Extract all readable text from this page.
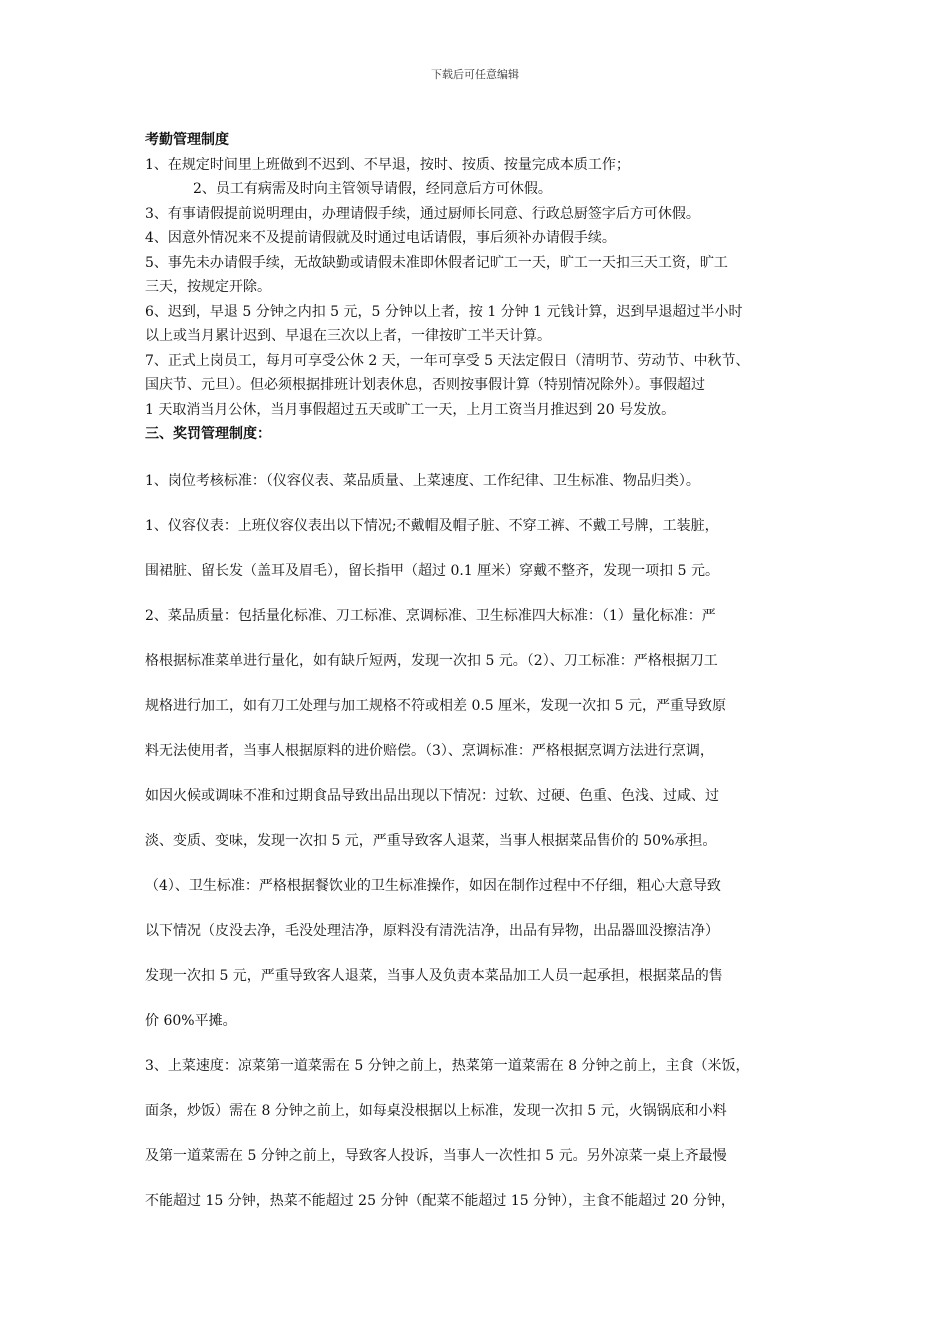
下载后可任意编辑

考勤管理制度

1、在规定时间里上班做到不迟到、不早退，按时、按质、按量完成本质工作；

2、员工有病需及时向主管领导请假，经同意后方可休假。

3、有事请假提前说明理由，办理请假手续，通过厨师长同意、行政总厨签字后方可休假。

4、因意外情况来不及提前请假就及时通过电话请假，事后须补办请假手续。

5、事先未办请假手续，无故缺勤或请假未准即休假者记旷工一天，旷工一天扣三天工资，旷工

三天，按规定开除。

6、迟到，早退 5 分钟之内扣 5 元，5 分钟以上者，按 1 分钟 1 元钱计算，迟到早退超过半小时

以上或当月累计迟到、早退在三次以上者，一律按旷工半天计算。

7、正式上岗员工，每月可享受公休 2 天，一年可享受 5 天法定假日（清明节、劳动节、中秋节、

国庆节、元旦）。但必须根据排班计划表休息，否则按事假计算（特别情况除外）。事假超过

1 天取消当月公休，当月事假超过五天或旷工一天，上月工资当月推迟到 20 号发放。

三、奖罚管理制度：

1、岗位考核标准：（仪容仪表、菜品质量、上菜速度、工作纪律、卫生标准、物品归类）。
1、仪容仪表：上班仪容仪表出以下情况;不戴帽及帽子脏、不穿工裤、不戴工号牌，工装脏，
围裙脏、留长发（盖耳及眉毛），留长指甲（超过 0.1 厘米）穿戴不整齐，发现一项扣 5 元。
2、菜品质量：包括量化标准、刀工标准、烹调标准、卫生标准四大标准：（1）量化标准：严
格根据标准菜单进行量化，如有缺斤短两，发现一次扣 5 元。（2）、刀工标准：严格根据刀工
规格进行加工，如有刀工处理与加工规格不符或相差 0.5 厘米，发现一次扣 5 元，严重导致原
料无法使用者，当事人根据原料的进价赔偿。（3）、烹调标准：严格根据烹调方法进行烹调，
如因火候或调味不准和过期食品导致出品出现以下情况：过软、过硬、色重、色浅、过咸、过
淡、变质、变味，发现一次扣 5 元，严重导致客人退菜，当事人根据菜品售价的 50%承担。
（4）、卫生标准：严格根据餐饮业的卫生标准操作，如因在制作过程中不仔细，粗心大意导致
以下情况（皮没去净，毛没处理洁净，原料没有清洗洁净，出品有异物，出品器皿没擦洁净）
发现一次扣 5 元，严重导致客人退菜，当事人及负责本菜品加工人员一起承担，根据菜品的售
价 60%平摊。
3、上菜速度：凉菜第一道菜需在 5 分钟之前上，热菜第一道菜需在 8 分钟之前上，主食（米饭，
面条，炒饭）需在 8 分钟之前上，如每桌没根据以上标准，发现一次扣 5 元，火锅锅底和小料
及第一道菜需在 5 分钟之前上，导致客人投诉，当事人一次性扣 5 元。另外凉菜一桌上齐最慢
不能超过 15 分钟，热菜不能超过 25 分钟（配菜不能超过 15 分钟），主食不能超过 20 分钟，
